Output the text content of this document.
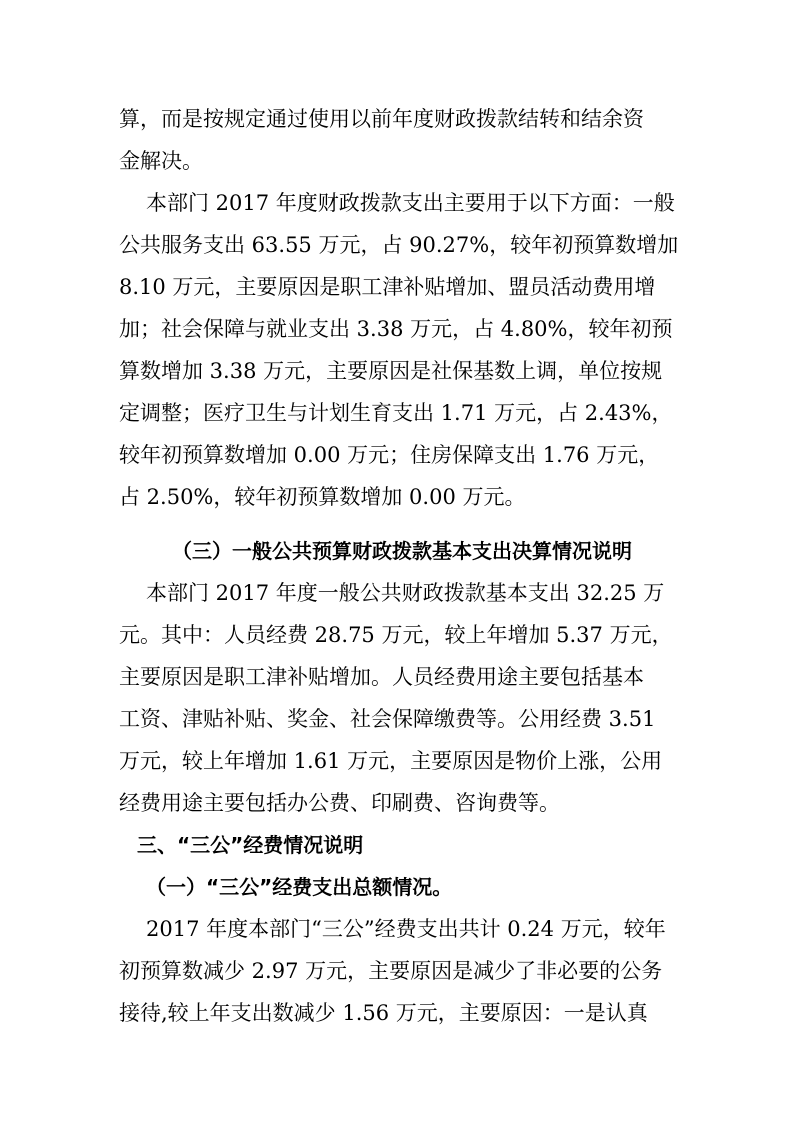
算，而是按规定通过使用以前年度财政拨款结转和结余资
金解决。
本部门 2017 年度财政拨款支出主要用于以下方面：一般
公共服务支出 63.55 万元，占 90.27%，较年初预算数增加
8.10 万元，主要原因是职工津补贴增加、盟员活动费用增
加；社会保障与就业支出 3.38 万元，占 4.80%，较年初预
算数增加 3.38 万元，主要原因是社保基数上调，单位按规
定调整；医疗卫生与计划生育支出 1.71 万元，占 2.43%，
较年初预算数增加 0.00 万元；住房保障支出 1.76 万元，
占 2.50%，较年初预算数增加 0.00 万元。
（三）一般公共预算财政拨款基本支出决算情况说明
本部门 2017 年度一般公共财政拨款基本支出 32.25 万
元。其中：人员经费 28.75 万元，较上年增加 5.37 万元，
主要原因是职工津补贴增加。人员经费用途主要包括基本
工资、津贴补贴、奖金、社会保障缴费等。公用经费 3.51
万元，较上年增加 1.61 万元，主要原因是物价上涨，公用
经费用途主要包括办公费、印刷费、咨询费等。
三、“三公”经费情况说明
（一）“三公”经费支出总额情况。
2017 年度本部门“三公”经费支出共计 0.24 万元，较年
初预算数减少 2.97 万元，主要原因是减少了非必要的公务
接待,较上年支出数减少 1.56 万元，主要原因：一是认真
